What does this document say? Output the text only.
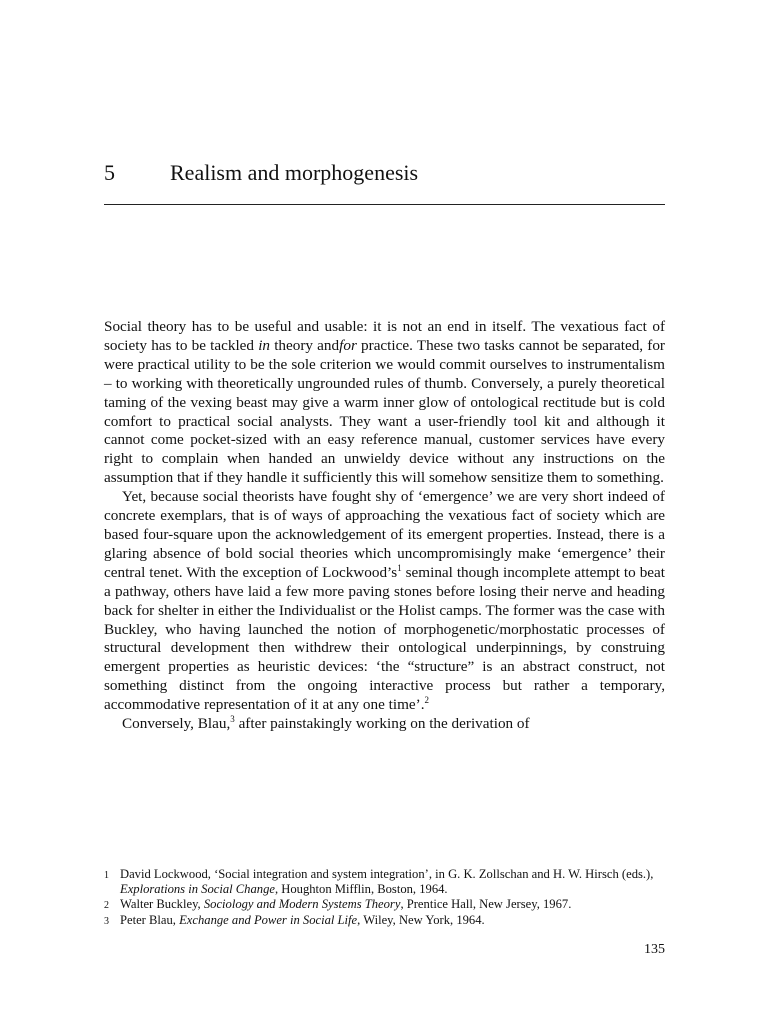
5	Realism and morphogenesis

Social theory has to be useful and usable: it is not an end in itself. The vexatious fact of society has to be tackled in theory andfor practice. These two tasks cannot be separated, for were practical utility to be the sole criterion we would commit ourselves to instrumentalism – to working with theoretically ungrounded rules of thumb. Conversely, a purely theoretical taming of the vexing beast may give a warm inner glow of ontological rectitude but is cold comfort to practical social analysts. They want a user-friendly tool kit and although it cannot come pocket-sized with an easy reference manual, customer services have every right to complain when handed an unwieldy device without any instructions on the assumption that if they handle it sufficiently this will somehow sensitize them to something.

Yet, because social theorists have fought shy of ‘emergence’ we are very short indeed of concrete exemplars, that is of ways of approaching the vexatious fact of society which are based four-square upon the acknowledgement of its emergent properties. Instead, there is a glaring absence of bold social theories which uncompromisingly make ‘emergence’ their central tenet. With the exception of $Lockwood’s^1$ seminal though incomplete attempt to beat a pathway, others have laid a few more paving stones before losing their nerve and heading back for shelter in either the Individualist or the Holist camps. The former was the case with Buckley, who having launched the notion of morphogenetic/morphostatic processes of structural development then withdrew their ontological underpinnings, by construing emergent properties as heuristic devices: ‘the “structure” is an abstract construct, not something distinct from the ongoing interactive process but rather a temporary, accommodative representation of it at any one time’.$^2$

Conversely, Blau,$^3$ after painstakingly working on the derivation of

1 David Lockwood, ‘Social integration and system integration’, in G. K. Zollschan and H. W. Hirsch (eds.), Explorations in Social Change, Houghton Mifflin, Boston, 1964.
2 Walter Buckley, Sociology and Modern Systems Theory, Prentice Hall, New Jersey, 1967.
3 Peter Blau, Exchange and Power in Social Life, Wiley, New York, 1964.
135
